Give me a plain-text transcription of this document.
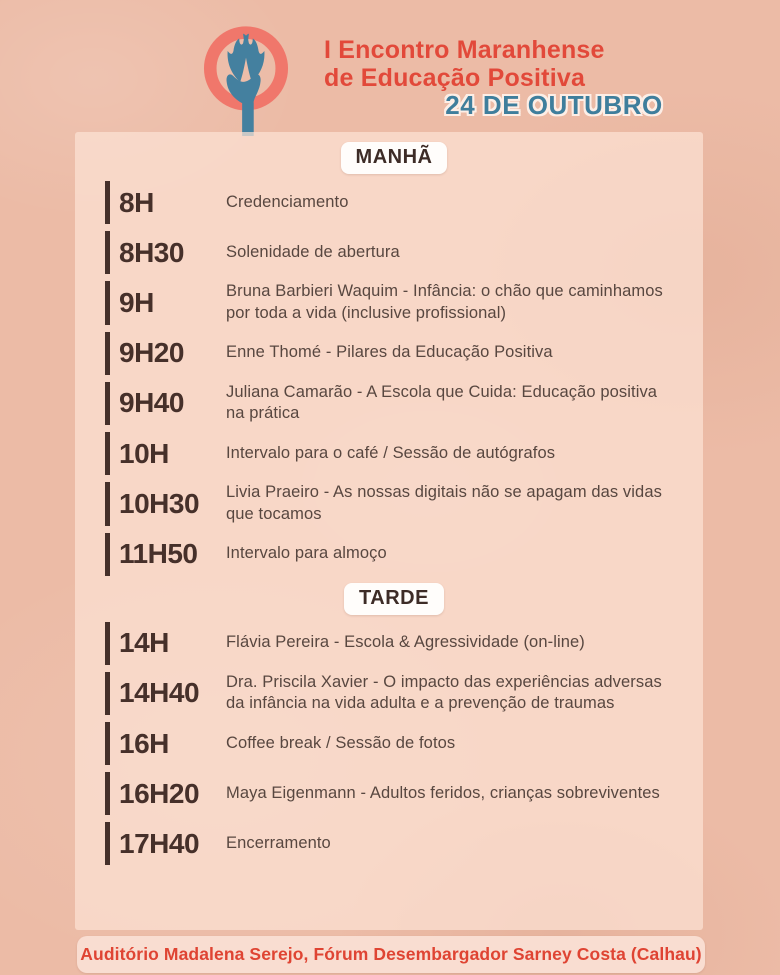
I Encontro Maranhense
de Educação Positiva
24 DE OUTUBRO
MANHÃ
8H	Credenciamento
8H30	Solenidade de abertura
9H	Bruna Barbieri Waquim - Infância: o chão que caminhamos por toda a vida (inclusive profissional)
9H20	Enne Thomé - Pilares da Educação Positiva
9H40	Juliana Camarão - A Escola que Cuida: Educação positiva na prática
10H	Intervalo para o café / Sessão de autógrafos
10H30	Livia Praeiro - As nossas digitais não se apagam das vidas que tocamos
11H50	Intervalo para almoço
TARDE
14H	Flávia Pereira - Escola & Agressividade (on-line)
14H40	Dra. Priscila Xavier - O impacto das experiências adversas da infância na vida adulta e a prevenção de traumas
16H	Coffee break / Sessão de fotos
16H20	Maya Eigenmann - Adultos feridos, crianças sobreviventes
17H40	Encerramento
Auditório Madalena Serejo, Fórum Desembargador Sarney Costa (Calhau)
